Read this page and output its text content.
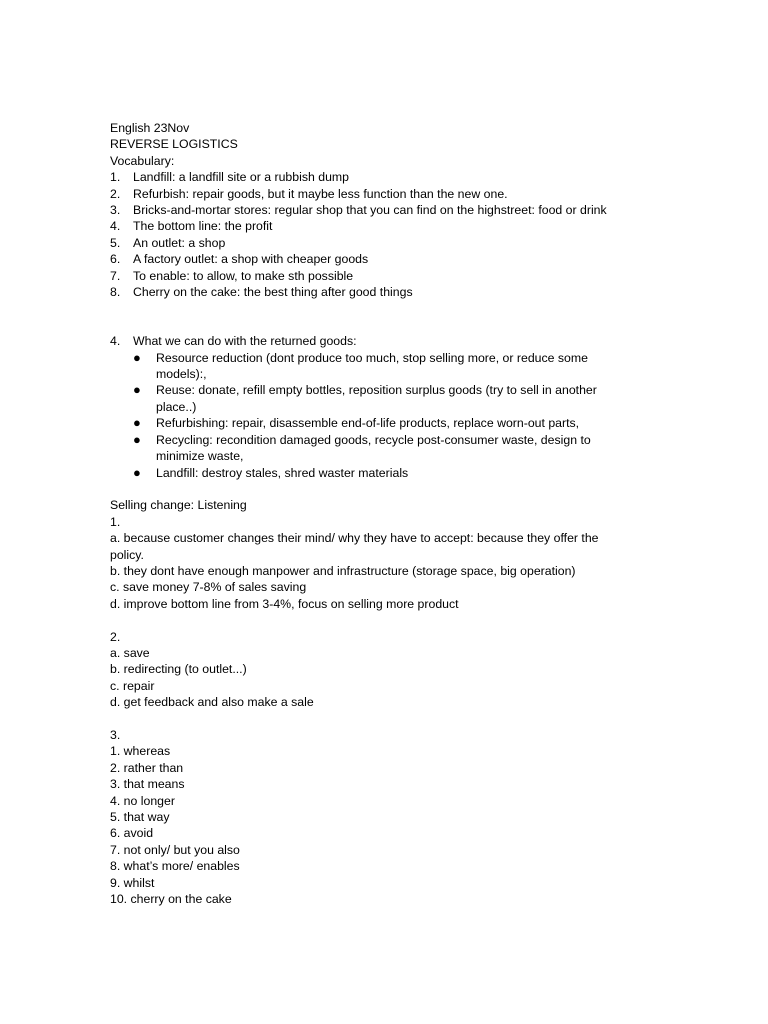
English 23Nov
REVERSE LOGISTICS
Vocabulary:
1.	Landfill: a landfill site or a rubbish dump
2.	Refurbish: repair goods, but it maybe less function than the new one.
3.	Bricks-and-mortar stores: regular shop that you can find on the highstreet: food or drink
4.	The bottom line: the profit
5.	An outlet: a shop
6.	A factory outlet: a shop with cheaper goods
7.	To enable: to allow, to make sth possible
8.	Cherry on the cake: the best thing after good things
4.	What we can do with the returned goods:
●	Resource reduction (dont produce too much, stop selling more, or reduce some models):,
●	Reuse: donate, refill empty bottles, reposition surplus goods (try to sell in another place..)
●	Refurbishing: repair, disassemble end-of-life products, replace worn-out parts,
●	Recycling: recondition damaged goods, recycle post-consumer waste, design to minimize waste,
●	Landfill: destroy stales, shred waster materials
Selling change: Listening
1.
a. because customer changes their mind/ why they have to accept: because they offer the
policy.
b. they dont have enough manpower and infrastructure (storage space, big operation)
c. save money 7-8% of sales saving
d. improve bottom line from 3-4%, focus on selling more product
2.
a. save
b. redirecting (to outlet...)
c. repair
d. get feedback and also make a sale
3.
1. whereas
2. rather than
3. that means
4. no longer
5. that way
6. avoid
7. not only/ but you also
8. what’s more/ enables
9. whilst
10. cherry on the cake
